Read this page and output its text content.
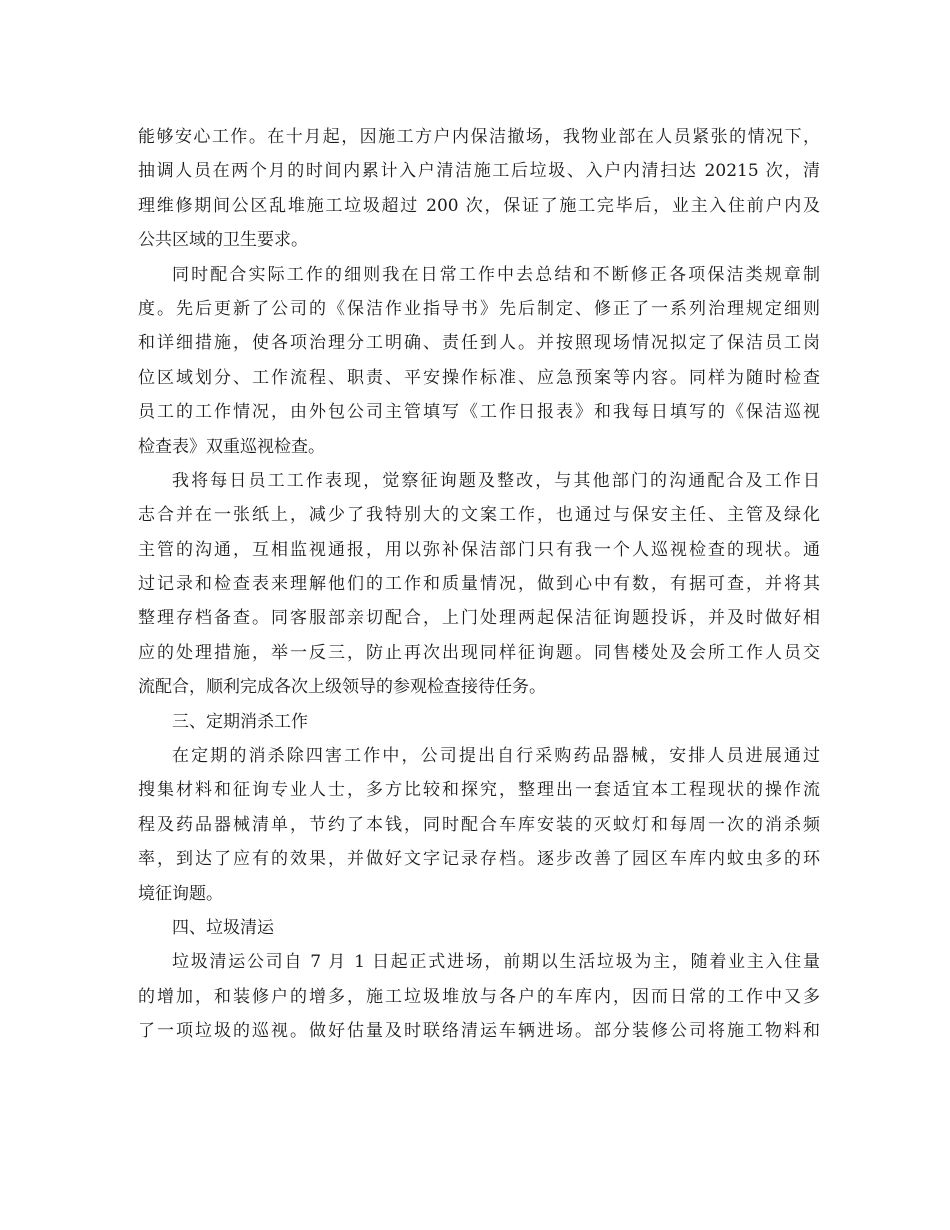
能够安心工作。在十月起，因施工方户内保洁撤场，我物业部在人员紧张的情况下，
抽调人员在两个月的时间内累计入户清洁施工后垃圾、入户内清扫达 20215 次，清
理维修期间公区乱堆施工垃圾超过 200 次，保证了施工完毕后，业主入住前户内及
公共区域的卫生要求。
同时配合实际工作的细则我在日常工作中去总结和不断修正各项保洁类规章制
度。先后更新了公司的《保洁作业指导书》先后制定、修正了一系列治理规定细则
和详细措施，使各项治理分工明确、责任到人。并按照现场情况拟定了保洁员工岗
位区域划分、工作流程、职责、平安操作标准、应急预案等内容。同样为随时检查
员工的工作情况，由外包公司主管填写《工作日报表》和我每日填写的《保洁巡视
检查表》双重巡视检查。
我将每日员工工作表现，觉察征询题及整改，与其他部门的沟通配合及工作日
志合并在一张纸上，减少了我特别大的文案工作，也通过与保安主任、主管及绿化
主管的沟通，互相监视通报，用以弥补保洁部门只有我一个人巡视检查的现状。通
过记录和检查表来理解他们的工作和质量情况，做到心中有数，有据可查，并将其
整理存档备查。同客服部亲切配合，上门处理两起保洁征询题投诉，并及时做好相
应的处理措施，举一反三，防止再次出现同样征询题。同售楼处及会所工作人员交
流配合，顺利完成各次上级领导的参观检查接待任务。
三、定期消杀工作
在定期的消杀除四害工作中，公司提出自行采购药品器械，安排人员进展通过
搜集材料和征询专业人士，多方比较和探究，整理出一套适宜本工程现状的操作流
程及药品器械清单，节约了本钱，同时配合车库安装的灭蚊灯和每周一次的消杀频
率，到达了应有的效果，并做好文字记录存档。逐步改善了园区车库内蚊虫多的环
境征询题。
四、垃圾清运
垃圾清运公司自 7 月 1 日起正式进场，前期以生活垃圾为主，随着业主入住量
的增加，和装修户的增多，施工垃圾堆放与各户的车库内，因而日常的工作中又多
了一项垃圾的巡视。做好估量及时联络清运车辆进场。部分装修公司将施工物料和
